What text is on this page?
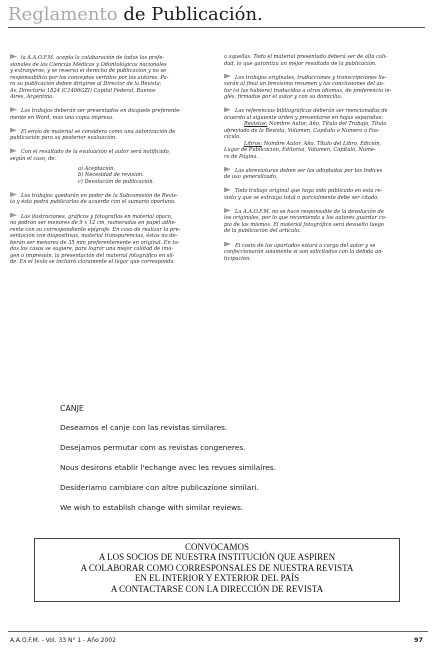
Reglamento de Publicación.
la A.A.O.F.M. acepta la colaboración de todos los profe-
sionales de las Ciencias Médicas y Odontológicas nacionales
y extranjeros, y se reserva el derecho de publicación y no se
responsabiliza por los conceptos vertidos por los autores. Pa-
ra su publicación deben dirigirse al Director de la Revista:
Av. Directorio 1824 (C1406GZI) Capital Federal, Buenos
Aires, Argentina.
Los trabajos deberán ser presentados en disquete preferente-
mente en Word, más una copia impresa.
El envío de material se considera como una autorización de
publicación para su posterior evaluación.
Con el resultado de la evaluación el autor será notificado,
según el caso, de:
a) Aceptación.
b) Necesidad de revisión.
c) Devolución de publicación.
Los trabajos quedarán en poder de la Subcomisión de Revis-
ta y ésta podrá publicarlos de acuerdo con el sumario oportuno.
Las ilustraciones, gráficos y fotografías en material opaco,
no podrán ser menores de 9 x 12 cm, numeradas en papel adhe-
rente con su correspondiente epígrafe. En caso de realizar la pre-
sentación con diapositivas, material transparencias, éstas no de-
berán ser menores de 35 mm preferentemente en original. En to-
dos los casos se sugiere, para lograr una mejor calidad de ima-
gen o impresión, la presentación del material fotográfico en sli-
de. En el texto se incluirá claramente el lugar que corresponda
a aquellas. Todo el material presentado deberá ser de alta cali-
dad, lo que garantiza un mejor resultado de la publicación.
Los trabajos originales, traducciones y transcripciones lle-
varán al final un brevísimo resumen y las conclusiones del au-
tor (si las hubiere) traducidas a otros idiomas, de preferencia in-
glés, firmados por el autor y con su domicilio.
Las referencias bibliográficas deberán ser mencionadas de
acuerdo al siguiente orden y presentarse en hojas separadas:
Revistas: Nombre Autor, Año, Título del Trabajo, Título
abreviado de la Revista, Volumen, Capítulo o Número o Fas-
cículo.
Libros: Nombre Autor, Año, Título del Libro, Edición,
Lugar de Publicación, Editorial, Volumen, Capítulo, Núme-
ro de Página.
Las abreviaturas deben ser las adoptadas por los Indices
de uso generalizado.
Todo trabajo original que haya sido publicado en esta re-
vista y que se extraiga total o parcialmente debe ser citado.
La A.A.O.F.M. no se hace responsable de la devolución de
los originales, por lo que recomienda a los autores guardar co-
pia de los mismos. El material fotográfico será devuelto luego
de la publicación del artículo.
El costo de los apartados estará a cargo del autor y se
confeccionarán solamente si son solicitados con la debida an-
ticipación.
CANJE
Deseamos el canje con las revistas similares.
Desejamos permutar com as revistas congeneres.
Nous desirons etablir l'echange avec les revues similaires.
Desideriamo cambiare con altre publicazione similari.
We wish to establish change with similar reviews.
CONVOCAMOS
A LOS SOCIOS DE NUESTRA INSTITUCIÓN QUE ASPIREN
A COLABORAR COMO CORRESPONSALES DE NUESTRA REVISTA
EN EL INTERIOR Y EXTERIOR DEL PAÍS
A CONTACTARSE CON LA DIRECCIÓN DE REVISTA
A.A.O.F.M. - Vol. 33 N° 1 - Año 2002	97
